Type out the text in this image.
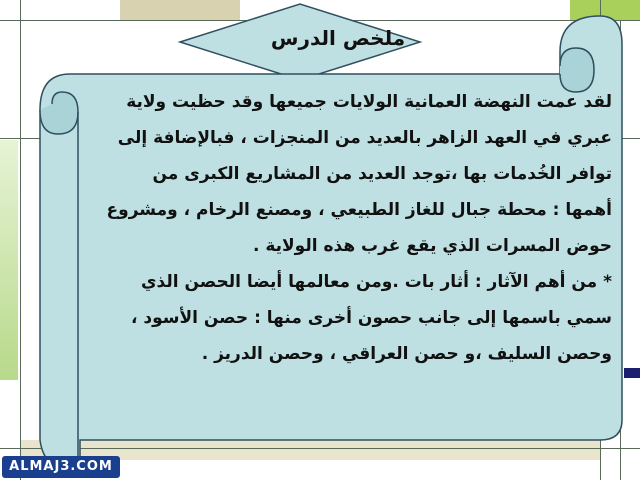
ملخص الدرس
لقد عمت النهضة العمانية الولايات جميعها وقد حظيت ولاية
عبري في العهد الزاهر بالعديد من المنجزات ، فبالإضافة إلى
توافر الخُدمات بها ،توجد العديد من المشاريع الكبرى من
أهمها : محطة جبال للغاز الطبيعي ، ومصنع الرخام ، ومشروع
حوض المسرات الذي يقع غرب هذه الولاية .
* من أهم الآثار : أثار بات .ومن معالمها أيضا الحصن الذي
سمي باسمها إلى جانب حصون أخرى منها : حصن الأسود ،
وحصن السليف ،و حصن العراقي ، وحصن الدريز .
ALMAJ3.COM
